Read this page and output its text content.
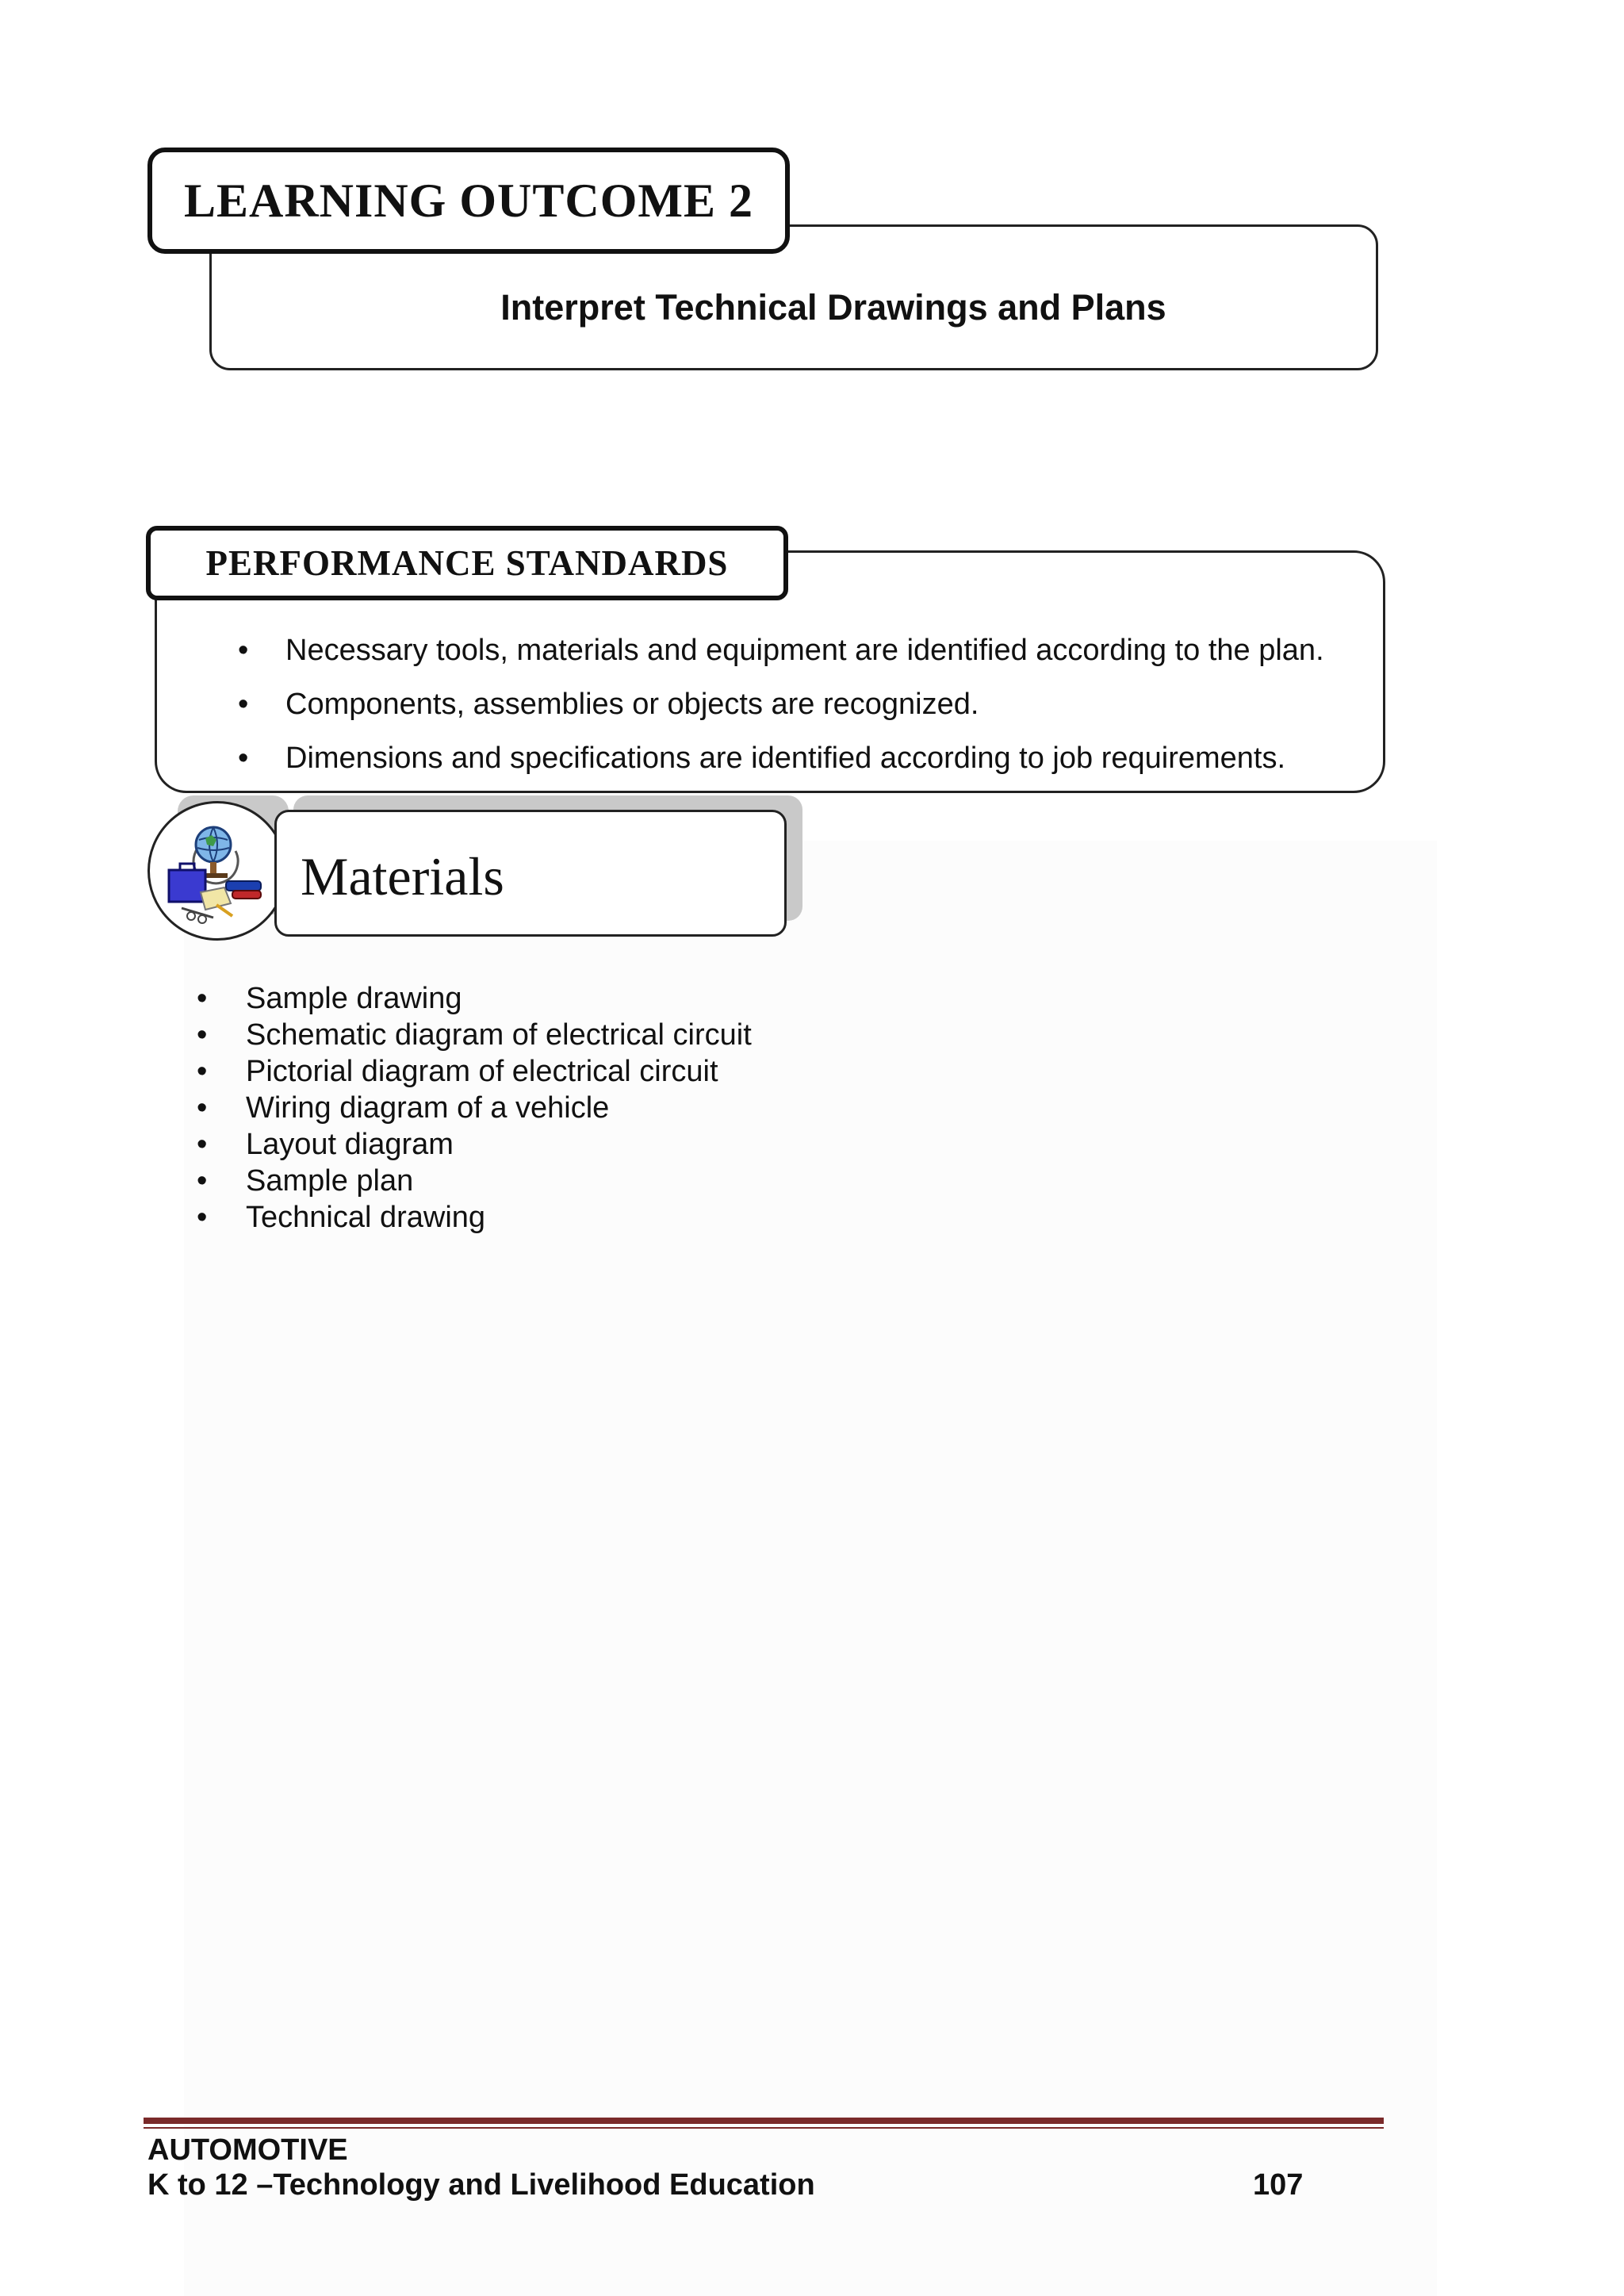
Interpret Technical Drawings and Plans
LEARNING OUTCOME 2
PERFORMANCE STANDARDS
• Necessary tools, materials and equipment are identified according to the plan.
• Components, assemblies or objects are recognized.
• Dimensions and specifications are identified according to job requirements.
Materials
• Sample drawing
• Schematic diagram of electrical circuit
• Pictorial diagram of electrical circuit
• Wiring diagram of a vehicle
• Layout diagram
• Sample plan
• Technical drawing
AUTOMOTIVE
K to 12 –Technology and Livelihood Education	107
